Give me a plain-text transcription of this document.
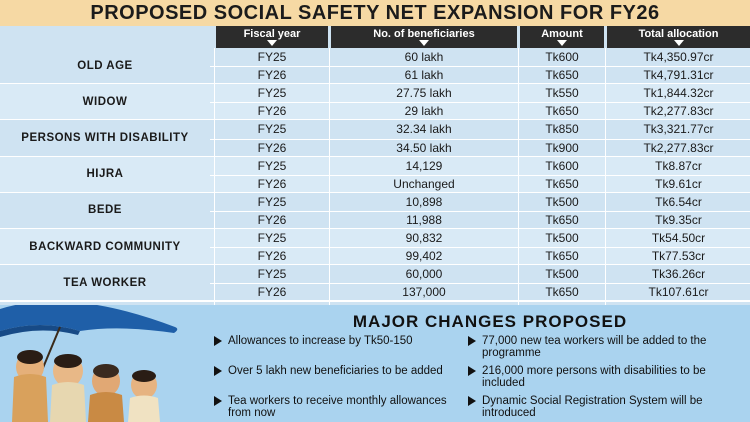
PROPOSED SOCIAL SAFETY NET EXPANSION FOR FY26
Fiscal year	No. of beneficiaries	Amount	Total allocation
OLD AGE
FY25	60 lakh	Tk600	Tk4,350.97cr
FY26	61 lakh	Tk650	Tk4,791.31cr
WIDOW
FY25	27.75 lakh	Tk550	Tk1,844.32cr
FY26	29 lakh	Tk650	Tk2,277.83cr
PERSONS WITH DISABILITY
FY25	32.34 lakh	Tk850	Tk3,321.77cr
FY26	34.50 lakh	Tk900	Tk2,277.83cr
HIJRA
FY25	14,129	Tk600	Tk8.87cr
FY26	Unchanged	Tk650	Tk9.61cr
BEDE
FY25	10,898	Tk500	Tk6.54cr
FY26	11,988	Tk650	Tk9.35cr
BACKWARD COMMUNITY
FY25	90,832	Tk500	Tk54.50cr
FY26	99,402	Tk650	Tk77.53cr
TEA WORKER
FY25	60,000	Tk500	Tk36.26cr
FY26	137,000	Tk650	Tk107.61cr
MAJOR CHANGES PROPOSED
Allowances to increase by Tk50-150
Over 5 lakh new beneficiaries to be added
Tea workers to receive monthly allowances from now
77,000 new tea workers will be added to the programme
216,000 more persons with disabilities to be included
Dynamic Social Registration System will be introduced
